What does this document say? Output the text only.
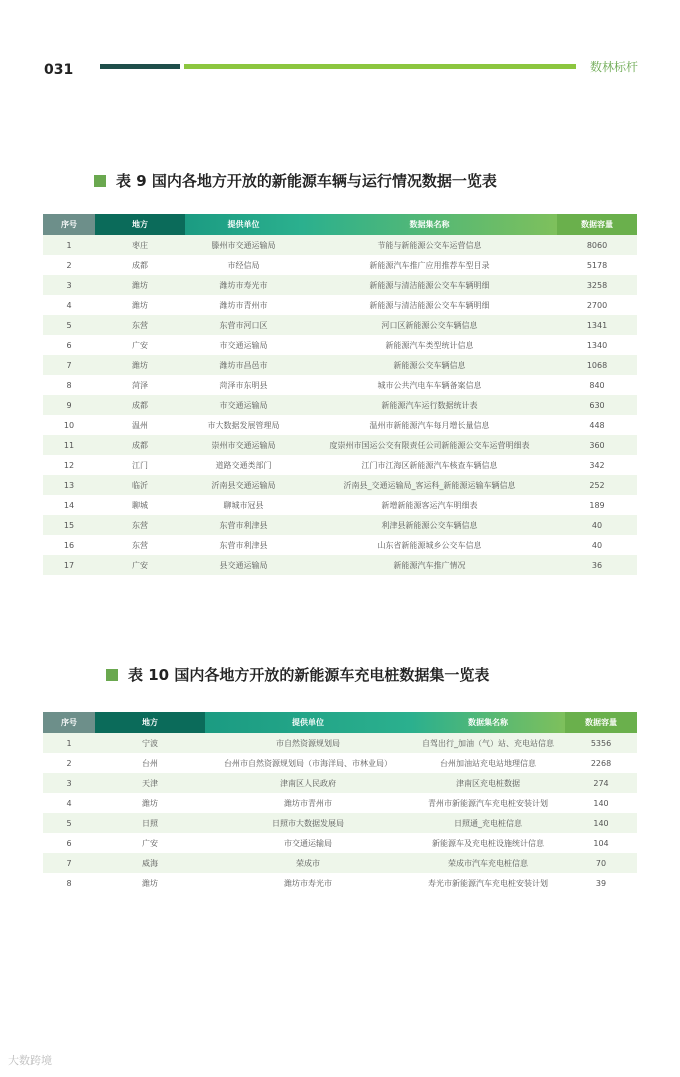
031	数林标杆
表 9 国内各地方开放的新能源车辆与运行情况数据一览表
序号	地方	提供单位	数据集名称	数据容量
1	枣庄	滕州市交通运输局	节能与新能源公交车运营信息	8060
2	成都	市经信局	新能源汽车推广应用推荐车型目录	5178
3	潍坊	潍坊市寿光市	新能源与清洁能源公交车车辆明细	3258
4	潍坊	潍坊市青州市	新能源与清洁能源公交车车辆明细	2700
5	东营	东营市河口区	河口区新能源公交车辆信息	1341
6	广安	市交通运输局	新能源汽车类型统计信息	1340
7	潍坊	潍坊市昌邑市	新能源公交车辆信息	1068
8	菏泽	菏泽市东明县	城市公共汽电车车辆备案信息	840
9	成都	市交通运输局	新能源汽车运行数据统计表	630
10	温州	市大数据发展管理局	温州市新能源汽车每月增长量信息	448
11	成都	崇州市交通运输局	度崇州市国运公交有限责任公司新能源公交车运营明细表	360
12	江门	道路交通类部门	江门市江海区新能源汽车核查车辆信息	342
13	临沂	沂南县交通运输局	沂南县_交通运输局_客运科_新能源运输车辆信息	252
14	聊城	聊城市冠县	新增新能源客运汽车明细表	189
15	东营	东营市利津县	利津县新能源公交车辆信息	40
16	东营	东营市利津县	山东省新能源城乡公交车信息	40
17	广安	县交通运输局	新能源汽车推广情况	36
表 10 国内各地方开放的新能源车充电桩数据集一览表
序号	地方	提供单位	数据集名称	数据容量
1	宁波	市自然资源规划局	自驾出行_加油（气）站、充电站信息	5356
2	台州	台州市自然资源规划局（市海洋局、市林业局）	台州加油站充电站地理信息	2268
3	天津	津南区人民政府	津南区充电桩数据	274
4	潍坊	潍坊市青州市	青州市新能源汽车充电桩安装计划	140
5	日照	日照市大数据发展局	日照通_充电桩信息	140
6	广安	市交通运输局	新能源车及充电桩设施统计信息	104
7	威海	荣成市	荣成市汽车充电桩信息	70
8	潍坊	潍坊市寿光市	寿光市新能源汽车充电桩安装计划	39
大数跨境
